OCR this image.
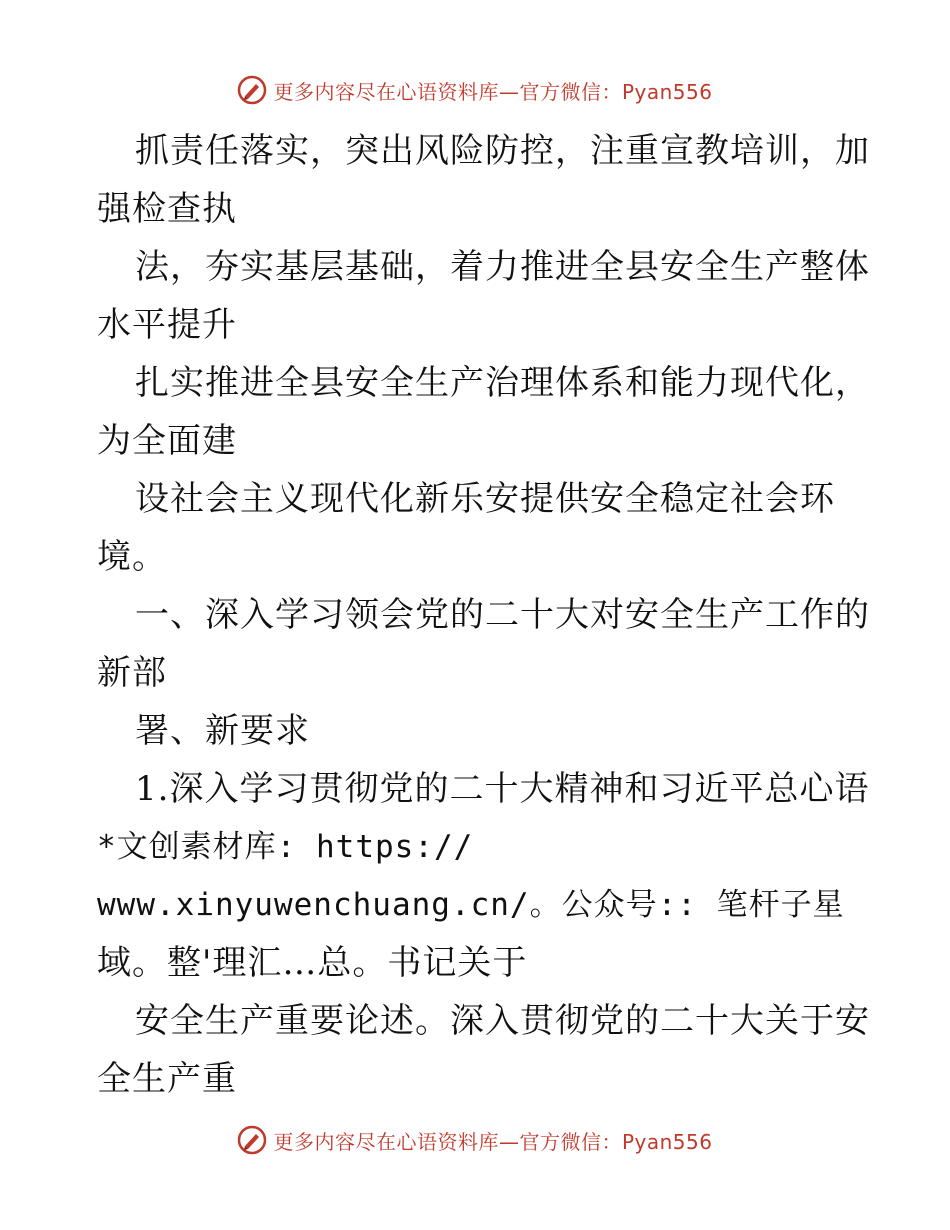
更多内容尽在心语资料库—官方微信：Pyan556
抓责任落实，突出风险防控，注重宣教培训，加
强检查执
法，夯实基层基础，着力推进全县安全生产整体
水平提升
扎实推进全县安全生产治理体系和能力现代化，
为全面建
设社会主义现代化新乐安提供安全稳定社会环
境。
一、深入学习领会党的二十大对安全生产工作的
新部
署、新要求
1.深入学习贯彻党的二十大精神和习近平总心语
*文创素材库: https://
www.xinyuwenchuang.cn/。公众号:: 笔杆子星
域。整'理汇…总。书记关于
安全生产重要论述。深入贯彻党的二十大关于安
全生产重
更多内容尽在心语资料库—官方微信：Pyan556
